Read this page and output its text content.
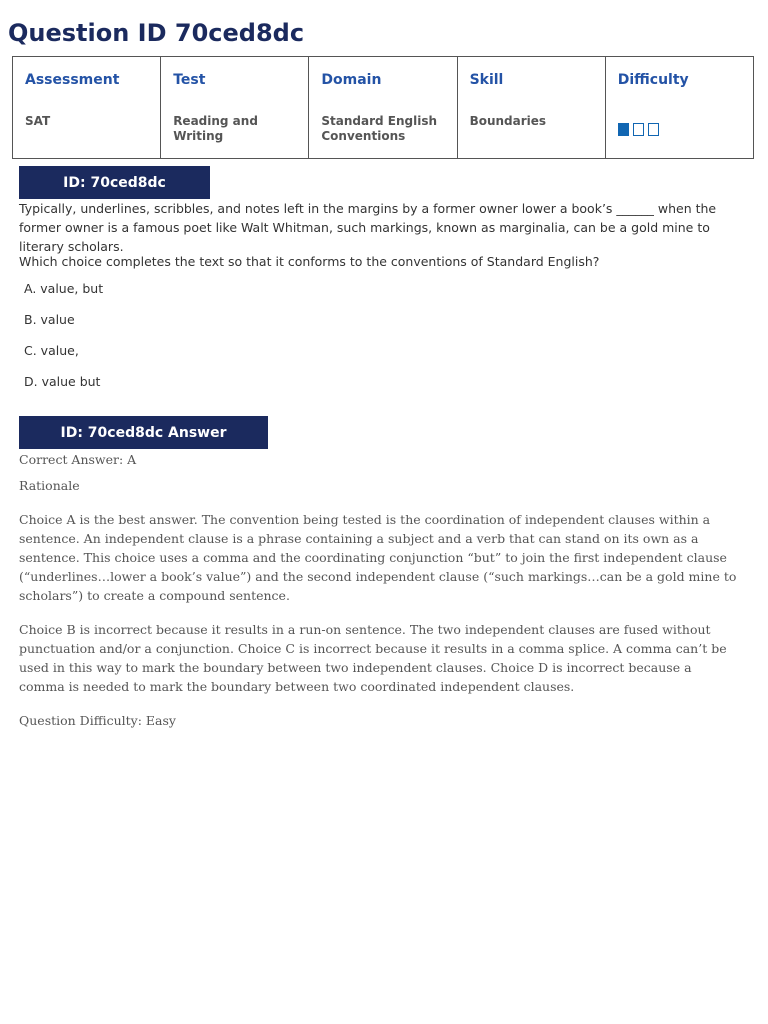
Question ID 70ced8dc
Assessment
SAT

Test
Reading and Writing

Domain
Standard English Conventions

Skill
Boundaries

Difficulty
ID: 70ced8dc

Typically, underlines, scribbles, and notes left in the margins by a former owner lower a book’s ______ when the former owner is a famous poet like Walt Whitman, such markings, known as marginalia, can be a gold mine to literary scholars.

Which choice completes the text so that it conforms to the conventions of Standard English?

A. value, but
B. value
C. value,
D. value but
ID: 70ced8dc Answer

Correct Answer: A

Rationale

Choice A is the best answer. The convention being tested is the coordination of independent clauses within a sentence. An independent clause is a phrase containing a subject and a verb that can stand on its own as a sentence. This choice uses a comma and the coordinating conjunction “but” to join the first independent clause (“underlines…lower a book’s value”) and the second independent clause (“such markings…can be a gold mine to scholars”) to create a compound sentence.

Choice B is incorrect because it results in a run-on sentence. The two independent clauses are fused without punctuation and/or a conjunction. Choice C is incorrect because it results in a comma splice. A comma can’t be used in this way to mark the boundary between two independent clauses. Choice D is incorrect because a comma is needed to mark the boundary between two coordinated independent clauses.

Question Difficulty: Easy
